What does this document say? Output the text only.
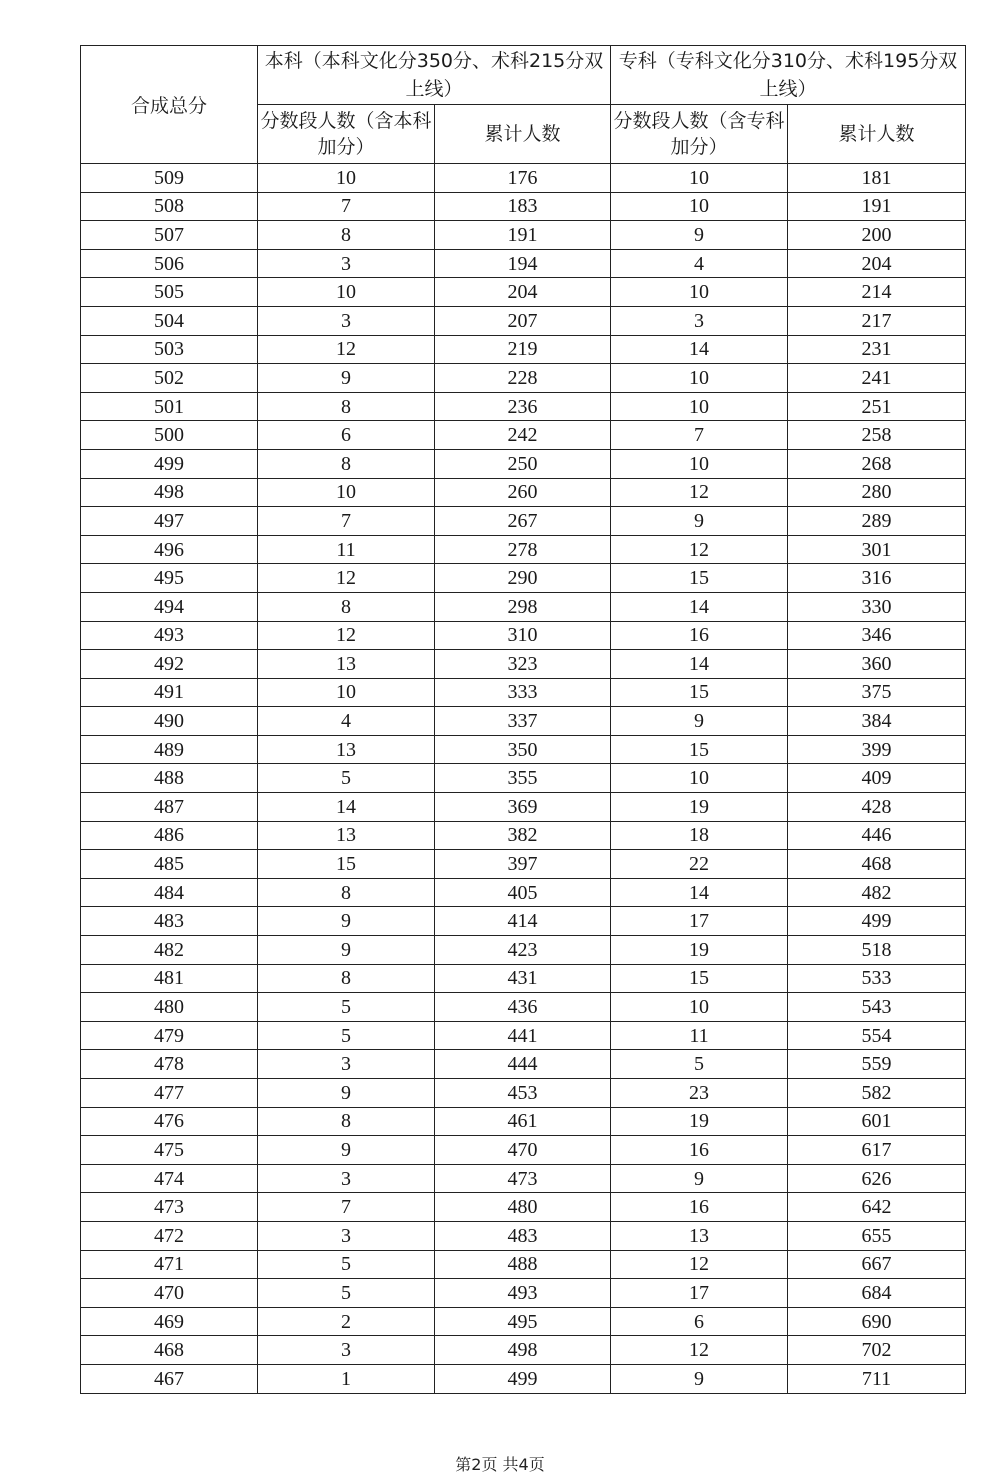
合成总分	本科（本科文化分350分、术科215分双上线）		专科（专科文化分310分、术科195分双上线）	
	分数段人数（含本科加分）	累计人数	分数段人数（含专科加分）	累计人数
509	10	176	10	181
508	7	183	10	191
507	8	191	9	200
506	3	194	4	204
505	10	204	10	214
504	3	207	3	217
503	12	219	14	231
502	9	228	10	241
501	8	236	10	251
500	6	242	7	258
499	8	250	10	268
498	10	260	12	280
497	7	267	9	289
496	11	278	12	301
495	12	290	15	316
494	8	298	14	330
493	12	310	16	346
492	13	323	14	360
491	10	333	15	375
490	4	337	9	384
489	13	350	15	399
488	5	355	10	409
487	14	369	19	428
486	13	382	18	446
485	15	397	22	468
484	8	405	14	482
483	9	414	17	499
482	9	423	19	518
481	8	431	15	533
480	5	436	10	543
479	5	441	11	554
478	3	444	5	559
477	9	453	23	582
476	8	461	19	601
475	9	470	16	617
474	3	473	9	626
473	7	480	16	642
472	3	483	13	655
471	5	488	12	667
470	5	493	17	684
469	2	495	6	690
468	3	498	12	702
467	1	499	9	711
第2页 共4页
